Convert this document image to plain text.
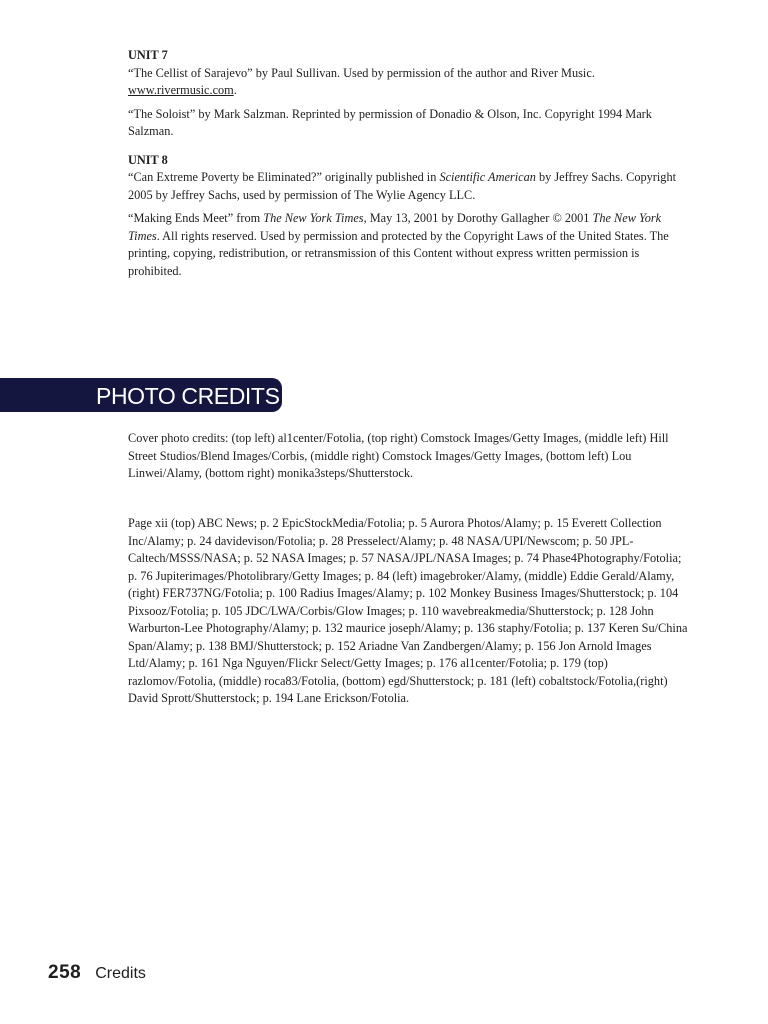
UNIT 7

“The Cellist of Sarajevo” by Paul Sullivan. Used by permission of the author and River Music. www.rivermusic.com.

“The Soloist” by Mark Salzman. Reprinted by permission of Donadio & Olson, Inc. Copyright 1994 Mark Salzman.

UNIT 8

“Can Extreme Poverty be Eliminated?” originally published in Scientific American by Jeffrey Sachs. Copyright 2005 by Jeffrey Sachs, used by permission of The Wylie Agency LLC.

“Making Ends Meet” from The New York Times, May 13, 2001 by Dorothy Gallagher © 2001 The New York Times. All rights reserved. Used by permission and protected by the Copyright Laws of the United States. The printing, copying, redistribution, or retransmission of this Content without express written permission is prohibited.

PHOTO CREDITS

Cover photo credits: (top left) al1center/Fotolia, (top right) Comstock Images/Getty Images, (middle left) Hill Street Studios/Blend Images/Corbis, (middle right) Comstock Images/Getty Images, (bottom left) Lou Linwei/Alamy, (bottom right) monika3steps/Shutterstock.

Page xii (top) ABC News; p. 2 EpicStockMedia/Fotolia; p. 5 Aurora Photos/Alamy; p. 15 Everett Collection Inc/Alamy; p. 24 davidevison/Fotolia; p. 28 Presselect/Alamy; p. 48 NASA/UPI/Newscom; p. 50 JPL-Caltech/MSSS/NASA; p. 52 NASA Images; p. 57 NASA/JPL/NASA Images; p. 74 Phase4Photography/Fotolia; p. 76 Jupiterimages/Photolibrary/Getty Images; p. 84 (left) imagebroker/Alamy, (middle) Eddie Gerald/Alamy, (right) FER737NG/Fotolia; p. 100 Radius Images/Alamy; p. 102 Monkey Business Images/Shutterstock; p. 104 Pixsooz/Fotolia; p. 105 JDC/LWA/Corbis/Glow Images; p. 110 wavebreakmedia/Shutterstock; p. 128 John Warburton-Lee Photography/Alamy; p. 132 maurice joseph/Alamy; p. 136 staphy/Fotolia; p. 137 Keren Su/China Span/Alamy; p. 138 BMJ/Shutterstock; p. 152 Ariadne Van Zandbergen/Alamy; p. 156 Jon Arnold Images Ltd/Alamy; p. 161 Nga Nguyen/Flickr Select/Getty Images; p. 176 al1center/Fotolia; p. 179 (top) razlomov/Fotolia, (middle) roca83/Fotolia, (bottom) egd/Shutterstock; p. 181 (left) cobaltstock/Fotolia,(right) David Sprott/Shutterstock; p. 194 Lane Erickson/Fotolia.

258 Credits
